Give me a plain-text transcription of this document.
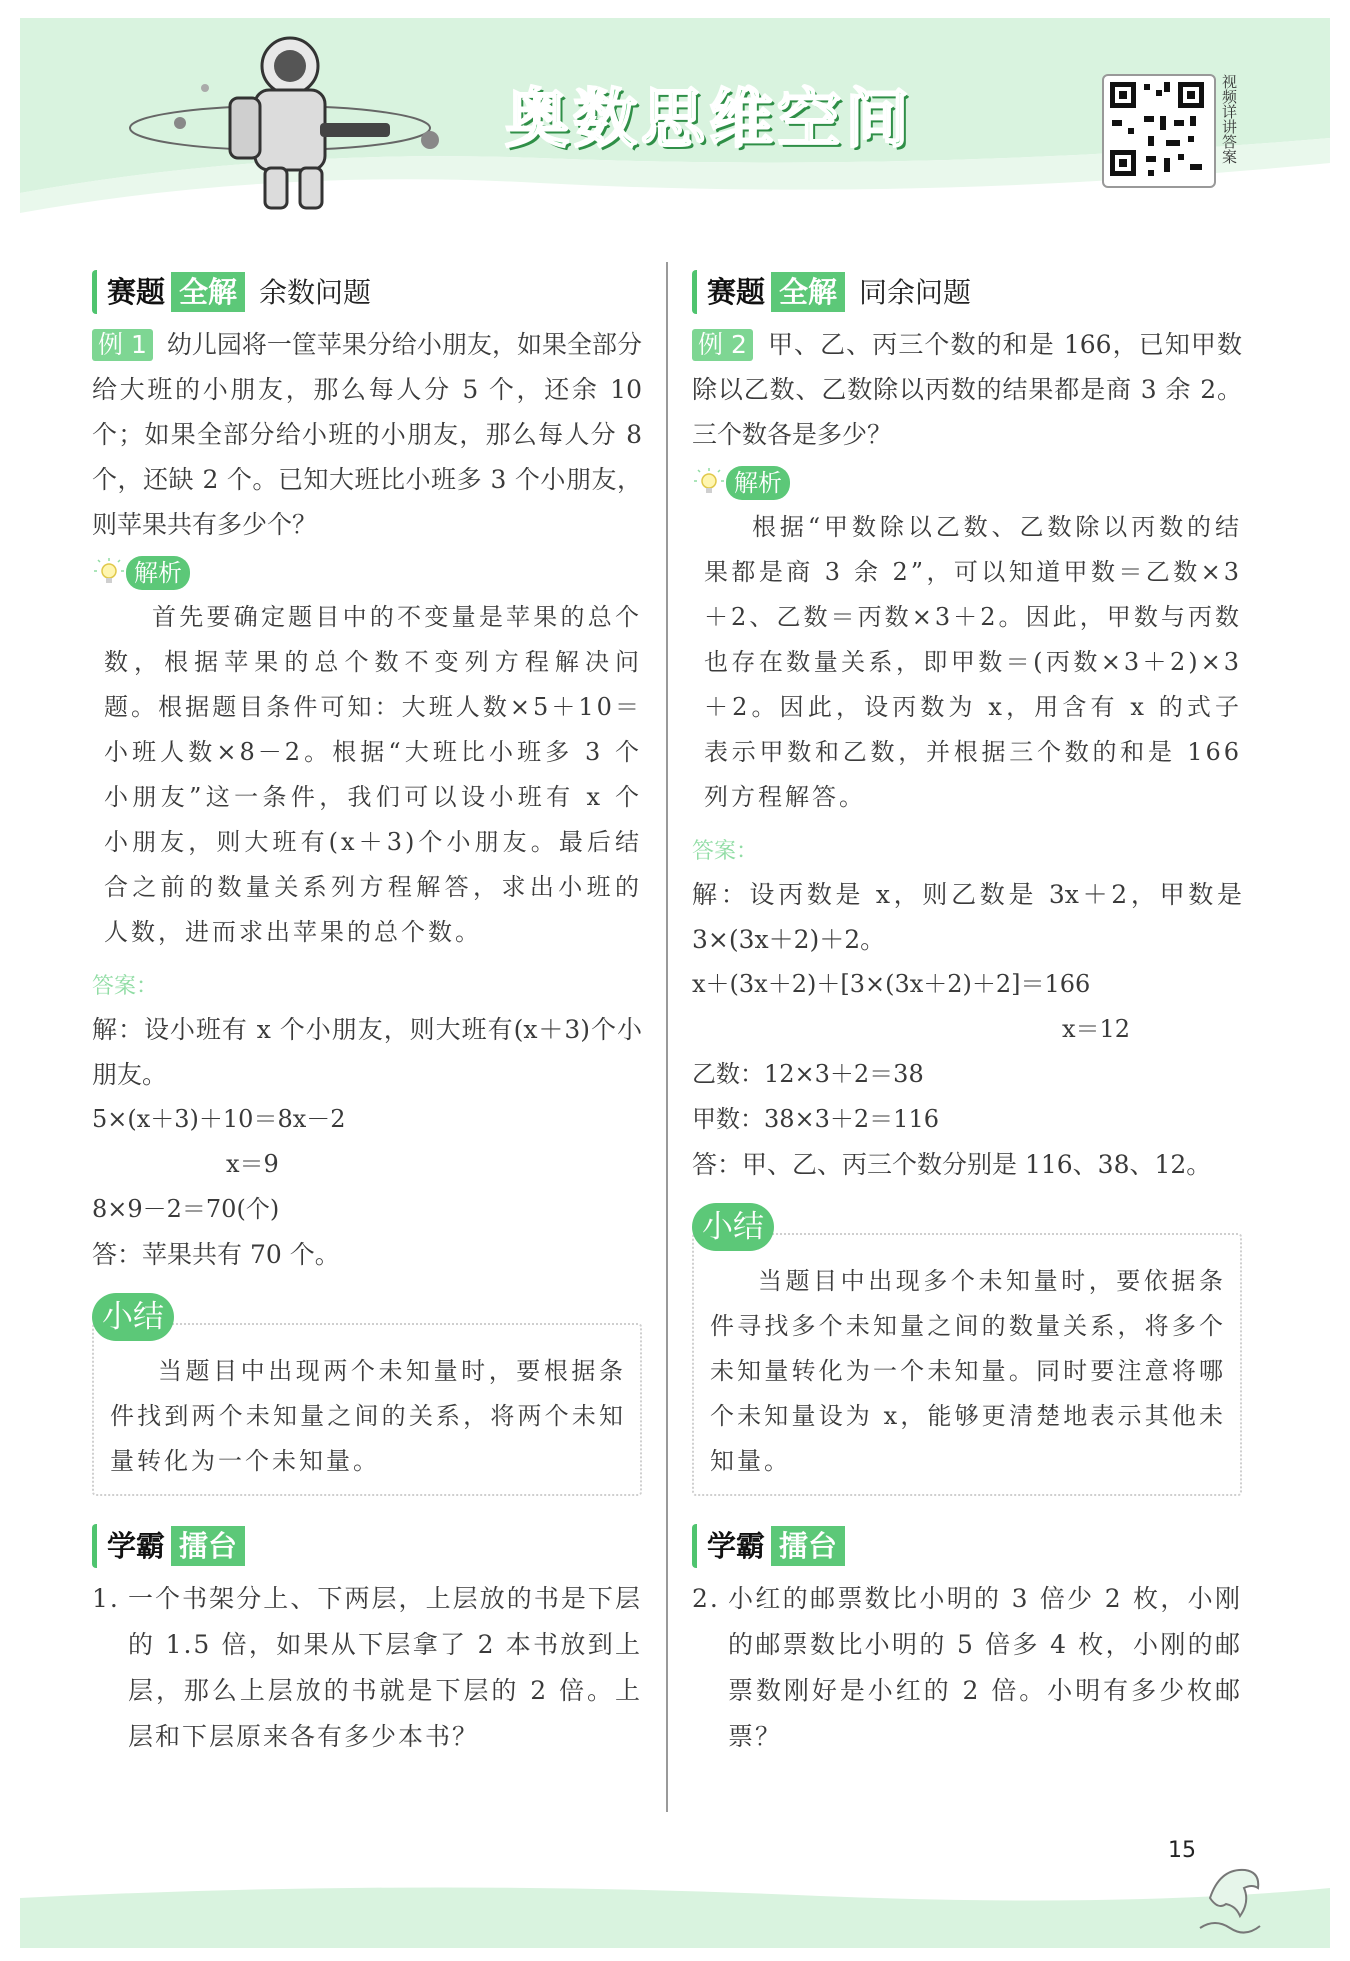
奥数思维空间	视频详讲答案
赛题 全解 余数问题

例 1 幼儿园将一筐苹果分给小朋友，如果全部分给大班的小朋友，那么每人分 5 个，还余 10 个；如果全部分给小班的小朋友，那么每人分 8 个，还缺 2 个。已知大班比小班多 3 个小朋友，则苹果共有多少个？

解析

首先要确定题目中的不变量是苹果的总个数，根据苹果的总个数不变列方程解决问题。根据题目条件可知：大班人数×5＋10＝小班人数×8－2。根据“大班比小班多 3 个小朋友”这一条件，我们可以设小班有 x 个小朋友，则大班有(x＋3)个小朋友。最后结合之前的数量关系列方程解答，求出小班的人数，进而求出苹果的总个数。

答案：

解：设小班有 x 个小朋友，则大班有(x＋3)个小朋友。

5×(x＋3)＋10＝8x－2

x＝9

8×9－2＝70(个)

答：苹果共有 70 个。

小结
当题目中出现两个未知量时，要根据条件找到两个未知量之间的关系，将两个未知量转化为一个未知量。
学霸 擂台
1. 一个书架分上、下两层，上层放的书是下层的 1.5 倍，如果从下层拿了 2 本书放到上层，那么上层放的书就是下层的 2 倍。上层和下层原来各有多少本书？
赛题 全解 同余问题

例 2 甲、乙、丙三个数的和是 166，已知甲数除以乙数、乙数除以丙数的结果都是商 3 余 2。三个数各是多少？

解析

根据“甲数除以乙数、乙数除以丙数的结果都是商 3 余 2”，可以知道甲数＝乙数×3＋2、乙数＝丙数×3＋2。因此，甲数与丙数也存在数量关系，即甲数＝(丙数×3＋2)×3＋2。因此，设丙数为 x，用含有 x 的式子表示甲数和乙数，并根据三个数的和是 166 列方程解答。

答案：

解：设丙数是 x，则乙数是 3x＋2，甲数是 3×(3x＋2)＋2。

x＋(3x＋2)＋[3×(3x＋2)＋2]＝166

x＝12

乙数：12×3＋2＝38

甲数：38×3＋2＝116

答：甲、乙、丙三个数分别是 116、38、12。

小结
当题目中出现多个未知量时，要依据条件寻找多个未知量之间的数量关系，将多个未知量转化为一个未知量。同时要注意将哪个未知量设为 x，能够更清楚地表示其他未知量。
学霸 擂台
2. 小红的邮票数比小明的 3 倍少 2 枚，小刚的邮票数比小明的 5 倍多 4 枚，小刚的邮票数刚好是小红的 2 倍。小明有多少枚邮票？
15
